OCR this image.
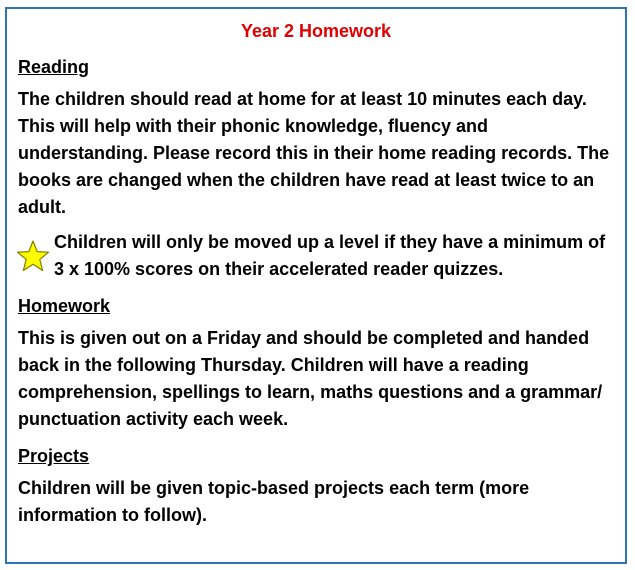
Year 2 Homework

Reading

The children should read at home for at least 10 minutes each day. This will help with their phonic knowledge, fluency and understanding. Please record this in their home reading records. The books are changed when the children have read at least twice to an adult.

Children will only be moved up a level if they have a minimum of 3 x 100% scores on their accelerated reader quizzes.

Homework

This is given out on a Friday and should be completed and handed back in the following Thursday. Children will have a reading comprehension, spellings to learn, maths questions and a grammar/ punctuation activity each week.

Projects

Children will be given topic-based projects each term (more information to follow).
